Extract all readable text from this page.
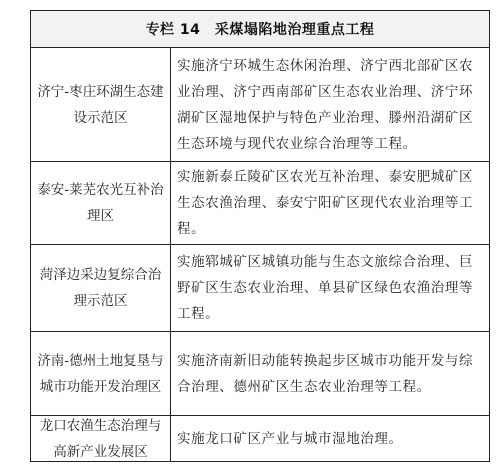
专栏 14　采煤塌陷地治理重点工程
济宁-枣庄环湖生态建设示范区
实施济宁环城生态休闲治理、济宁西北部矿区农业治理、济宁西南部矿区生态农业治理、济宁环湖矿区湿地保护与特色产业治理、滕州沿湖矿区生态环境与现代农业综合治理等工程。
泰安-莱芜农光互补治理区
实施新泰丘陵矿区农光互补治理、泰安肥城矿区生态农渔治理、泰安宁阳矿区现代农业治理等工程。
菏泽边采边复综合治理示范区
实施郓城矿区城镇功能与生态文旅综合治理、巨野矿区生态农业治理、单县矿区绿色农渔治理等工程。
济南-德州土地复垦与城市功能开发治理区
实施济南新旧动能转换起步区城市功能开发与综合治理、德州矿区生态农业治理等工程。
龙口农渔生态治理与高新产业发展区
实施龙口矿区产业与城市湿地治理。
